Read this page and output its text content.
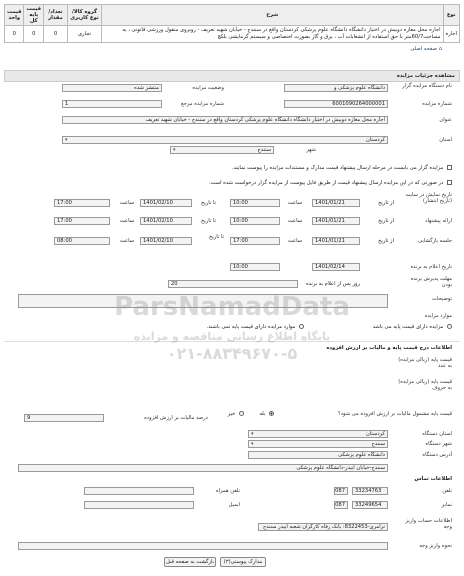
نوع	شرح	گروه کالا/نوع کاربری	تعداد/مقدار	قیمت پایه کل	قیمت واحد
اجاره	اجاره محل مغازه دوبیش در اختیار دانشگاه دانشگاه علوم پزشکی کردستان واقع در سنندج - خیابان شهید تعریف - روبروی منفول ورزشی قانونی ، به مساحت60/7متر با حق استفاده از انشعابات آب ، برق و گاز بصورت اختصاصی و سیستم گرمایشی بلکچ	تجاری	0	0	0
⌂ صفحه اصلی
مشاهده جزئیات مزایده
نام دستگاه مزایده گزار
دانشگاه علوم پزشکی و
وضعیت مزایده
منتشر شده
شماره مزایده
6001090264000001
شماره مزایده مرجع
1
عنوان
اجاره محل مغازه دوبیش در اختیار دانشگاه دانشگاه علوم پزشکی کردستان واقع در سنندج - خیابان شهید تعریف
استان
کردستان ▾
شهر
سنندج ▾
مزایده گزار می بایست در مرحله ارسال پیشنهاد قیمت مدارک و مستندات مزایده را پیوست نمایند.
در صورتی که در این مزایده ارسال پیشنهاد قیمت از طریق فایل پیوست از مزایده گزار درخواست شده است.
تاریخ نمایش در سایت (تاریخ انتشار)
از تاریخ
1401/01/21
ساعت
10:00
تا تاریخ
1401/02/10
ساعت
17:00
ارائه پیشنهاد
از تاریخ
1401/01/21
ساعت
10:00
تا تاریخ
1401/02/10
ساعت
17:00
جلسه بازگشایی
از تاریخ
1401/01/21
ساعت
17:00
تا تاریخ
1401/02/10
ساعت
08:00
تاریخ اعلام به برنده
1401/02/14
10:00
مهلت پذیرش برنده بودن
20	روز پس از اعلام به برنده
توضیحات
موارد مزایده
مزایده دارای قیمت پایه می باشد
موارد مزایده دارای قیمت پایه نمی باشند.
اطلاعات درج قیمت پایه و مالیات بر ارزش افزوده
قیمت پایه (ریالی مزایده) به عدد
قیمت پایه (ریالی مزایده) به حروف
قیمت پایه مشمول مالیات بر ارزش افزوده می شود؟
بله
خیر
درصد مالیات بر ارزش افزوده
9
استان دستگاه
کردستان ▾
شهر دستگاه
سنندج ▾
آدرس دستگاه
دانشگاه علوم پزشکی
سنندج-خیابان آبیدر-دانشگاه علوم پزشکی
اطلاعات تماس
تلفن
33234763
087
تلفن همراه
نمابر
33249654
087
ایمیل
اطلاعات حساب واریز وجه
ترامری-8322453: بانک رفاه کارگران شعبه آبیدر سنندج
نحوه واریز وجه
مدارک پیوستی(۳)
بازگشت به صفحه قبل
ParsNamadData
پایگاه اطلاع رسانی مناقصه و مزایده
۰۲۱-۸۸۳۴۹۶۷۰-۵
